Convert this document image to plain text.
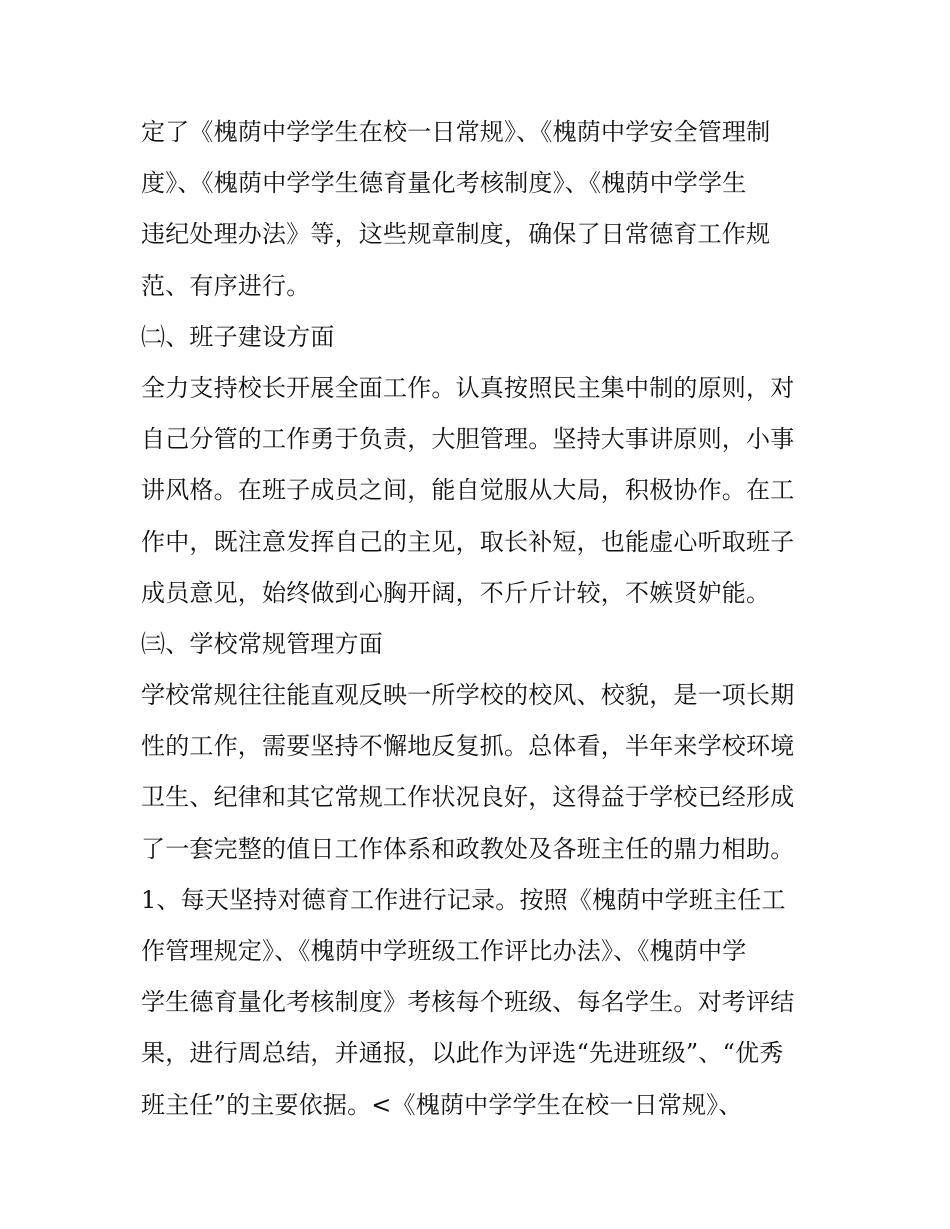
定了《槐荫中学学生在校一日常规》、《槐荫中学安全管理制
度》、《槐荫中学学生德育量化考核制度》、《槐荫中学学生
违纪处理办法》等，这些规章制度，确保了日常德育工作规
范、有序进行。
㈡、班子建设方面
全力支持校长开展全面工作。认真按照民主集中制的原则，对
自己分管的工作勇于负责，大胆管理。坚持大事讲原则，小事
讲风格。在班子成员之间，能自觉服从大局，积极协作。在工
作中，既注意发挥自己的主见，取长补短，也能虚心听取班子
成员意见，始终做到心胸开阔，不斤斤计较，不嫉贤妒能。
㈢、学校常规管理方面
学校常规往往能直观反映一所学校的校风、校貌，是一项长期
性的工作，需要坚持不懈地反复抓。总体看，半年来学校环境
卫生、纪律和其它常规工作状况良好，这得益于学校已经形成
了一套完整的值日工作体系和政教处及各班主任的鼎力相助。
1、每天坚持对德育工作进行记录。按照《槐荫中学班主任工
作管理规定》、《槐荫中学班级工作评比办法》、《槐荫中学
学生德育量化考核制度》考核每个班级、每名学生。对考评结
果，进行周总结，并通报，以此作为评选“先进班级”、“优秀
班主任”的主要依据。<《槐荫中学学生在校一日常规》、
